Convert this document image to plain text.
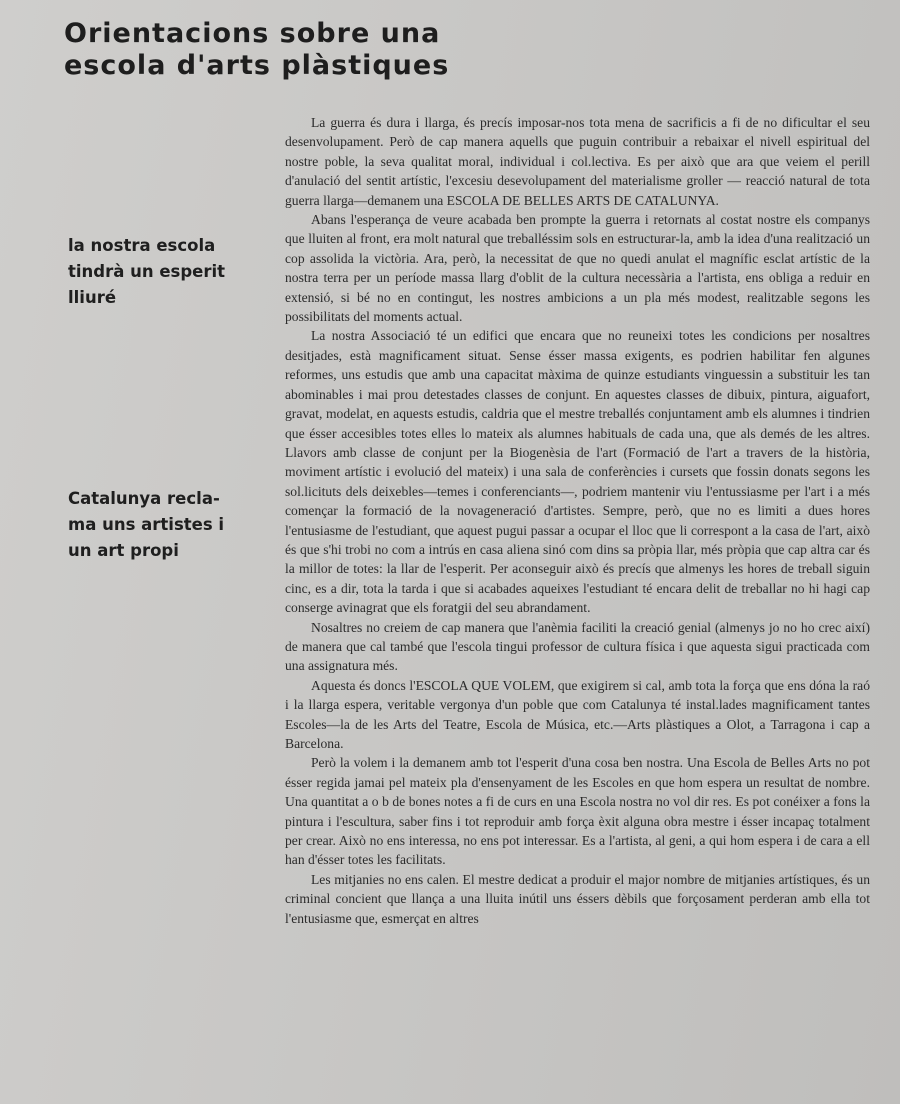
Orientacions sobre una
escola d'arts plàstiques
la nostra escola
tindrà un esperit
lliuré
Catalunya recla-
ma uns artistes i
un art propi

La guerra és dura i llarga, és precís imposar-nos tota mena de sacrificis a fi de no dificultar el seu desenvolupament. Però de cap manera aquells que puguin contribuir a rebaixar el nivell espiritual del nostre poble, la seva qualitat moral, individual i col.lectiva. Es per això que ara que veiem el perill d'anulació del sentit artístic, l'excesiu desevolupament del materialisme groller — reacció natural de tota guerra llarga—demanem una ESCOLA DE BELLES ARTS DE CATALUNYA.

Abans l'esperança de veure acabada ben prompte la guerra i retornats al costat nostre els companys que lluiten al front, era molt natural que treballéssim sols en estructurar-la, amb la idea d'una realització un cop assolida la victòria. Ara, però, la necessitat de que no quedi anulat el magnífic esclat artístic de la nostra terra per un període massa llarg d'oblit de la cultura necessària a l'artista, ens obliga a reduir en extensió, si bé no en contingut, les nostres ambicions a un pla més modest, realitzable segons les possibilitats del moments actual.

La nostra Associació té un edifici que encara que no reuneixi totes les condicions per nosaltres desitjades, està magnificament situat. Sense ésser massa exigents, es podrien habilitar fen algunes reformes, uns estudis que amb una capacitat màxima de quinze estudiants vinguessin a substituir les tan abominables i mai prou detestades classes de conjunt. En aquestes classes de dibuix, pintura, aiguafort, gravat, modelat, en aquests estudis, caldria que el mestre treballés conjuntament amb els alumnes i tindrien que ésser accesibles totes elles lo mateix als alumnes habituals de cada una, que als demés de les altres. Llavors amb classe de conjunt per la Biogenèsia de l'art (Formació de l'art a travers de la història, moviment artístic i evolució del mateix) i una sala de conferències i cursets que fossin donats segons les sol.licituts dels deixebles—temes i conferenciants—, podriem mantenir viu l'entussiasme per l'art i a més començar la formació de la novageneració d'artistes. Sempre, però, que no es limiti a dues hores l'entusiasme de l'estudiant, que aquest pugui passar a ocupar el lloc que li correspont a la casa de l'art, això és que s'hi trobi no com a intrús en casa aliena sinó com dins sa pròpia llar, més pròpia que cap altra car és la millor de totes: la llar de l'esperit. Per aconseguir això és precís que almenys les hores de treball siguin cinc, es a dir, tota la tarda i que si acabades aqueixes l'estudiant té encara delit de treballar no hi hagi cap conserge avinagrat que els foratgii del seu abrandament.

Nosaltres no creiem de cap manera que l'anèmia faciliti la creació genial (almenys jo no ho crec així) de manera que cal també que l'escola tingui professor de cultura física i que aquesta sigui practicada com una assignatura més.

Aquesta és doncs l'ESCOLA QUE VOLEM, que exigirem si cal, amb tota la força que ens dóna la raó i la llarga espera, veritable vergonya d'un poble que com Catalunya té instal.lades magnificament tantes Escoles—la de les Arts del Teatre, Escola de Música, etc.—Arts plàstiques a Olot, a Tarragona i cap a Barcelona.

Però la volem i la demanem amb tot l'esperit d'una cosa ben nostra. Una Escola de Belles Arts no pot ésser regida jamai pel mateix pla d'ensenyament de les Escoles en que hom espera un resultat de nombre. Una quantitat a o b de bones notes a fi de curs en una Escola nostra no vol dir res. Es pot conéixer a fons la pintura i l'escultura, saber fins i tot reproduir amb força èxit alguna obra mestre i ésser incapaç totalment per crear. Això no ens interessa, no ens pot interessar. Es a l'artista, al geni, a qui hom espera i de cara a ell han d'ésser totes les facilitats.

Les mitjanies no ens calen. El mestre dedicat a produir el major nombre de mitjanies artístiques, és un criminal concient que llança a una lluita inútil uns éssers dèbils que forçosament perderan amb ella tot l'entusiasme que, esmerçat en altres
